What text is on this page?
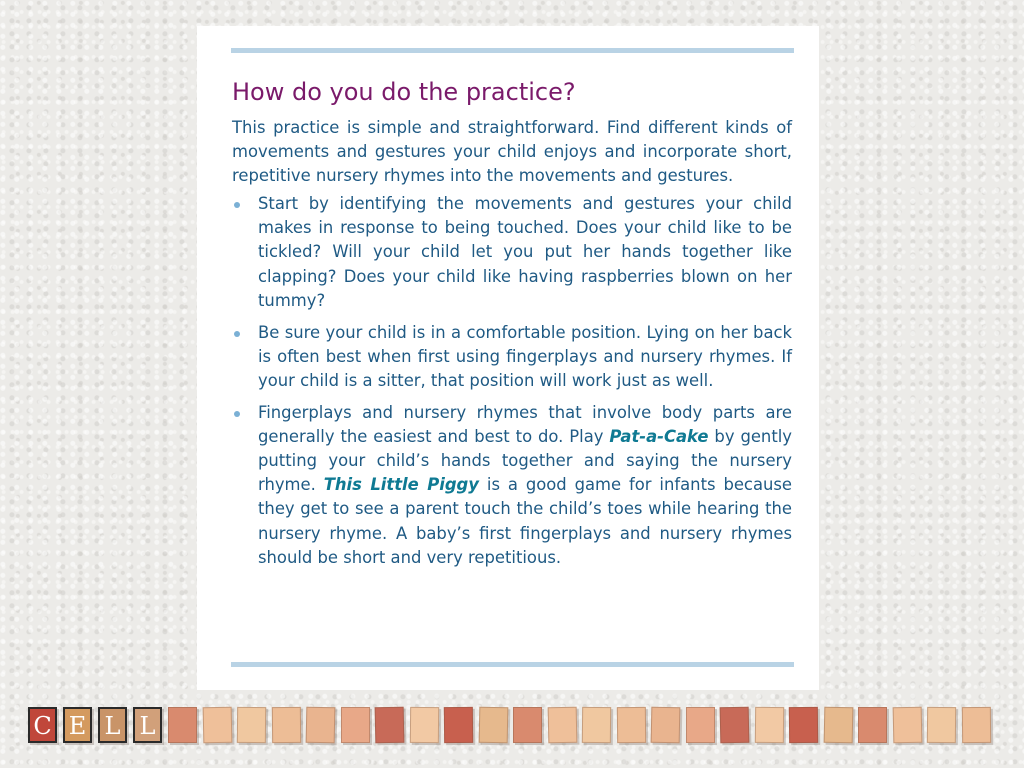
How do you do the practice?

This practice is simple and straightforward. Find different kinds of movements and gestures your child enjoys and incorporate short, repetitive nursery rhymes into the movements and gestures.

Start by identifying the movements and gestures your child makes in response to being touched. Does your child like to be tickled? Will your child let you put her hands together like clapping? Does your child like having raspberries blown on her tummy?
Be sure your child is in a comfortable position. Lying on her back is often best when first using fingerplays and nursery rhymes. If your child is a sitter, that position will work just as well.
Fingerplays and nursery rhymes that involve body parts are generally the easiest and best to do. Play Pat-a-Cake by gently putting your child’s hands together and saying the nursery rhyme. This Little Piggy is a good game for infants because they get to see a parent touch the child’s toes while hearing the nursery rhyme. A baby’s first fingerplays and nursery rhymes should be short and very repetitious.
C E L L
